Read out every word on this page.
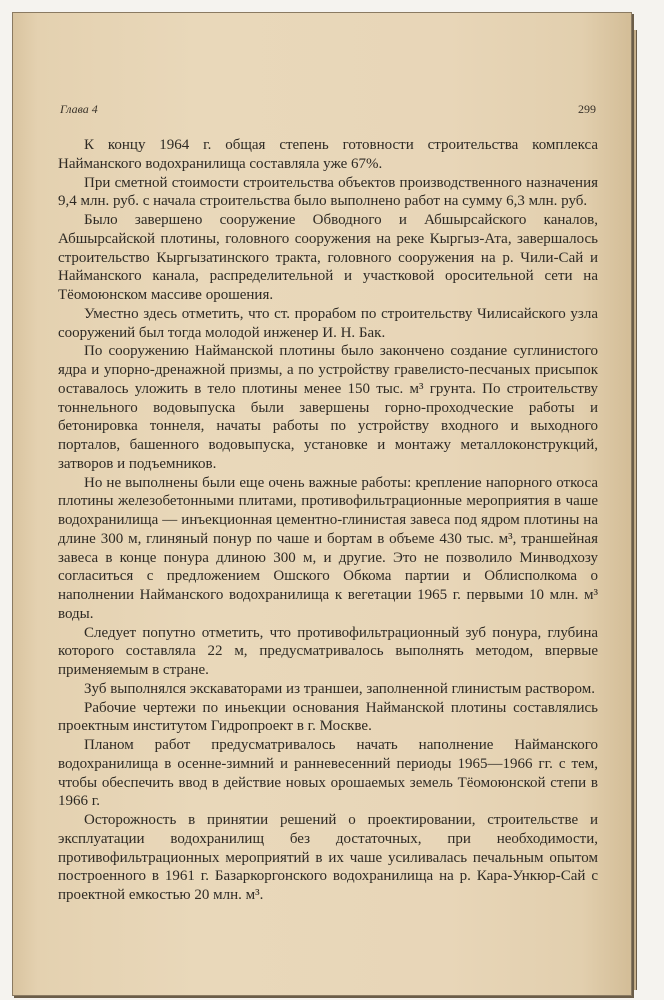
Глава 4	299

К концу 1964 г. общая степень готовности строительства комплекса Наймaнского водохранилища составляла уже 67%.

При сметной стоимости строительства объектов производственного назначения 9,4 млн. руб. с начала строительства было выполнено работ на сумму 6,3 млн. руб.

Было завершено сооружение Обводного и Абшырсайского каналов, Абшырсайской плотины, головного сооружения на реке Кыргыз-Ата, завершалось строительство Кыргызатинского тракта, головного сооружения на р. Чили-Сай и Наймaнского канала, распределительной и участковой оросительной сети на Тёомоюнском массиве орошения.

Уместно здесь отметить, что ст. прорабом по строительству Чилисайского узла сооружений был тогда молодой инженер И. Н. Бак.

По сооружению Наймaнской плотины было закончено создание суглинистого ядра и упорно-дренажной призмы, а по устройству гравелисто-песчаных присыпок оставалось уложить в тело плотины менее 150 тыс. м³ грунта. По строительству тоннельного водовыпуска были завершены горно-проходческие работы и бетонировка тоннеля, начаты работы по устройству входного и выходного порталов, башенного водовыпуска, установке и монтажу металлоконструкций, затворов и подъемников.

Но не выполнены были еще очень важные работы: крепление напорного откоса плотины железобетонными плитами, противофильтрационные мероприятия в чаше водохранилища — инъекционная цементно-глинистая завеса под ядром плотины на длине 300 м, глиняный понур по чаше и бортам в объеме 430 тыс. м³, траншейная завеса в конце понура длиною 300 м, и другие. Это не позволило Минводхозу согласиться с предложением Ошского Обкома партии и Облисполкома о наполнении Наймaнского водохранилища к вегетации 1965 г. первыми 10 млн. м³ воды.

Следует попутно отметить, что противофильтрационный зуб понура, глубина которого составляла 22 м, предусматривалось выполнять методом, впервые применяемым в стране.

Зуб выполнялся экскаваторами из траншеи, заполненной глинистым раствором.

Рабочие чертежи по иньекции основания Наймaнской плотины составлялись проектным институтом Гидропроект в г. Москве.

Планом работ предусматривалось начать наполнение Наймaнского водохранилища в осенне-зимний и ранневесенний периоды 1965—1966 гг. с тем, чтобы обеспечить ввод в действие новых орошаемых земель Тёомоюнской степи в 1966 г.

Осторожность в принятии решений о проектировании, строительстве и эксплуатации водохранилищ без достаточных, при необходимости, противофильтрационных мероприятий в их чаше усиливалась печальным опытом построенного в 1961 г. Базаркоргонского водохранилища на р. Кара-Ункюр-Сай с проектной емкостью 20 млн. м³.
